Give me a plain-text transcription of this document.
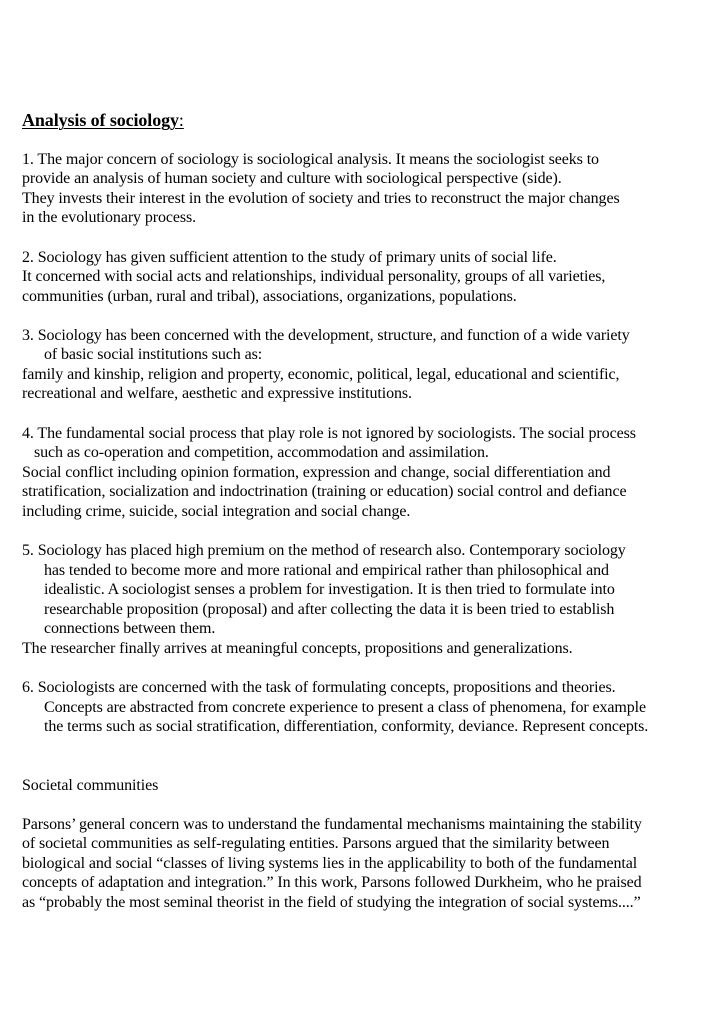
Analysis of sociology:
1. The major concern of sociology is sociological analysis. It means the sociologist seeks to
provide an analysis of human society and culture with sociological perspective (side).
They invests their interest in the evolution of society and tries to reconstruct the major changes
in the evolutionary process.
2. Sociology has given sufficient attention to the study of primary units of social life.
It concerned with social acts and relationships, individual personality, groups of all varieties,
communities (urban, rural and tribal), associations, organizations, populations.
3. Sociology has been concerned with the development, structure, and function of a wide variety
of basic social institutions such as:
family and kinship, religion and property, economic, political, legal, educational and scientific,
recreational and welfare, aesthetic and expressive institutions.
4. The fundamental social process that play role is not ignored by sociologists. The social process
such as co-operation and competition, accommodation and assimilation.
Social conflict including opinion formation, expression and change, social differentiation and
stratification, socialization and indoctrination (training or education) social control and defiance
including crime, suicide, social integration and social change.
5. Sociology has placed high premium on the method of research also. Contemporary sociology
has tended to become more and more rational and empirical rather than philosophical and
idealistic. A sociologist senses a problem for investigation. It is then tried to formulate into
researchable proposition (proposal) and after collecting the data it is been tried to establish
connections between them.
The researcher finally arrives at meaningful concepts, propositions and generalizations.
6. Sociologists are concerned with the task of formulating concepts, propositions and theories.
Concepts are abstracted from concrete experience to present a class of phenomena, for example
the terms such as social stratification, differentiation, conformity, deviance. Represent concepts.
Societal communities
Parsons’ general concern was to understand the fundamental mechanisms maintaining the stability
of societal communities as self-regulating entities. Parsons argued that the similarity between
biological and social “classes of living systems lies in the applicability to both of the fundamental
concepts of adaptation and integration.” In this work, Parsons followed Durkheim, who he praised
as “probably the most seminal theorist in the field of studying the integration of social systems....”
